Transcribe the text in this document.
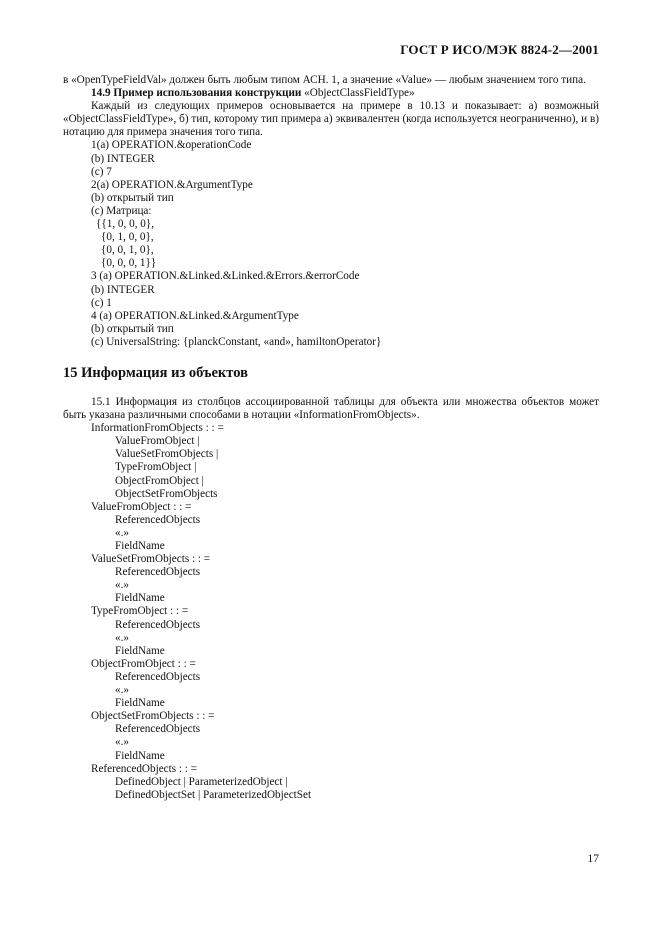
ГОСТ Р ИСО/МЭК 8824-2—2001

в «OpenTypeFieldVal» должен быть любым типом АСН. 1, а значение «Value» — любым значением того типа.

14.9 Пример использования конструкции «ObjectClassFieldType»

Каждый из следующих примеров основывается на примере в 10.13 и показывает: а) возможный «ObjectClassFieldType», б) тип, которому тип примера а) эквивалентен (когда используется неограниченно), и в) нотацию для примера значения того типа.

1(a) OPERATION.&operationCode
(b) INTEGER
(c) 7
2(a) OPERATION.&ArgumentType
(b) открытый тип
(c) Матрица:
{{1, 0, 0, 0},
{0, 1, 0, 0},
{0, 0, 1, 0},
{0, 0, 0, 1}}
3 (a) OPERATION.&Linked.&Linked.&Errors.&errorCode
(b) INTEGER
(c) 1
4 (a) OPERATION.&Linked.&ArgumentType
(b) открытый тип
(c) UniversalString: {planckConstant, «and», hamiltonOperator}
15 Информация из объектов

15.1 Информация из столбцов ассоциированной таблицы для объекта или множества объектов может быть указана различными способами в нотации «InformationFromObjects».

InformationFromObjects : : =
ValueFromObject |
ValueSetFromObjects |
TypeFromObject |
ObjectFromObject |
ObjectSetFromObjects
ValueFromObject : : =
ReferencedObjects
«.»
FieldName
ValueSetFromObjects : : =
ReferencedObjects
«.»
FieldName
TypeFromObject : : =
ReferencedObjects
«.»
FieldName
ObjectFromObject : : =
ReferencedObjects
«.»
FieldName
ObjectSetFromObjects : : =
ReferencedObjects
«.»
FieldName
ReferencedObjects : : =
DefinedObject | ParameterizedObject |
DefinedObjectSet | ParameterizedObjectSet
17
